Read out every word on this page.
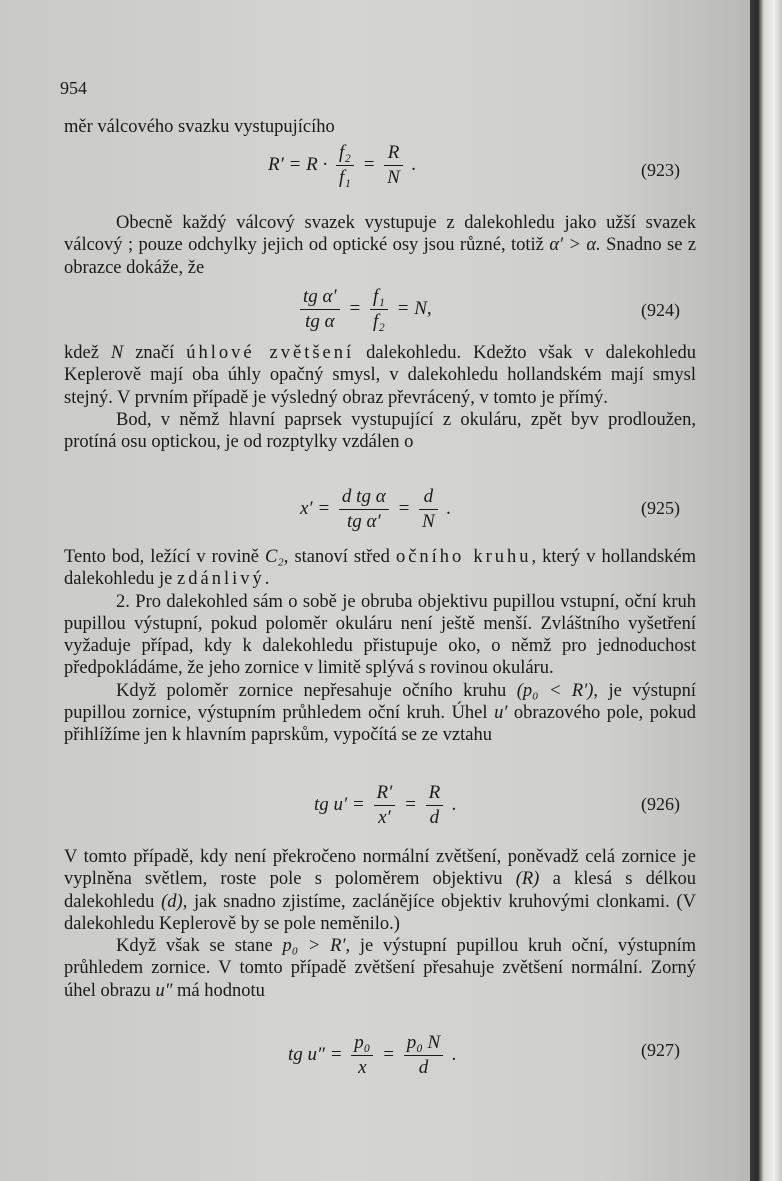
954

měr válcového svazku vystupujícího

$R' = R \cdot \frac{\text{f₂}}{\text{f₁}} = \frac{R}{N}$ .	(923)

Obecně každý válcový svazek vystupuje z dalekohledu jako užší svazek válcový ; pouze odchylky jejich od optické osy jsou různé, totiž α′ > α. Snadno se z obrazce dokáže, že

$\frac{\text{tg α′}}{\text{tg α}} = \frac{\text{f₁}}{\text{f₂}} = N$,	(924)

kdež N značí úhlové zvětšení dalekohledu. Kdežto však v dalekohledu Keplerově mají oba úhly opačný smysl, v dalekohledu hollandském mají smysl stejný. V prvním případě je výsledný obraz převrácený, v tomto je přímý.

Bod, v němž hlavní paprsek vystupující z okuláru, zpět byv prodloužen, protíná osu optickou, je od rozptylky vzdálen o

$x' = \frac{\text{d tg α}}{\text{tg α′}} = \frac{d}{N}$ .	(925)

Tento bod, ležící v rovině C₂, stanoví střed očního kruhu, který v hollandském dalekohledu je zdánlivý.

2. Pro dalekohled sám o sobě je obruba objektivu pupillou vstupní, oční kruh pupillou výstupní, pokud poloměr okuláru není ještě menší. Zvláštního vyšetření vyžaduje případ, kdy k dalekohledu přistupuje oko, o němž pro jednoduchost předpokládáme, že jeho zornice v limitě splývá s rovinou okuláru.

Když poloměr zornice nepřesahuje očního kruhu (p₀ < R′), je výstupní pupillou zornice, výstupním průhledem oční kruh. Úhel u′ obrazového pole, pokud přihlížíme jen k hlavním paprskům, vypočítá se ze vztahu

tg $u' = \frac{R'}{x'} = \frac{R}{d}$ .	(926)

V tomto případě, kdy není překročeno normální zvětšení, poněvadž celá zornice je vyplněna světlem, roste pole s poloměrem objektivu (R) a klesá s délkou dalekohledu (d), jak snadno zjistíme, zaclánějíce objektiv kruhovými clonkami. (V dalekohledu Keplerově by se pole neměnilo.)

Když však se stane p₀ > R′, je výstupní pupillou kruh oční, výstupním průhledem zornice. V tomto případě zvětšení přesahuje zvětšení normální. Zorný úhel obrazu u″ má hodnotu

tg $u'' = \frac{\text{p₀}}{x} = \frac{\text{p₀ N}}{d}$ .	(927)
